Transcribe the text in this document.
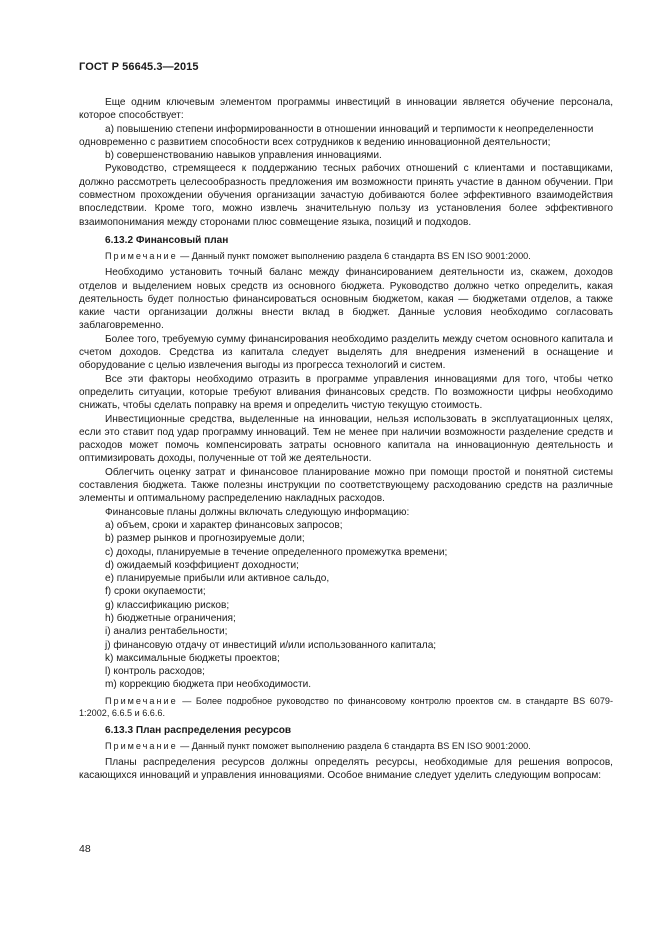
ГОСТ Р 56645.3—2015

Еще одним ключевым элементом программы инвестиций в инновации является обучение персонала, которое способствует:

a) повышению степени информированности в отношении инноваций и терпимости к неопределенности одновременно с развитием способности всех сотрудников к ведению инновационной деятельности;

b) совершенствованию навыков управления инновациями.

Руководство, стремящееся к поддержанию тесных рабочих отношений с клиентами и поставщиками, должно рассмотреть целесообразность предложения им возможности принять участие в данном обучении. При совместном прохождении обучения организации зачастую добиваются более эффективного взаимодействия впоследствии. Кроме того, можно извлечь значительную пользу из установления более эффективного взаимопонимания между сторонами плюс совмещение языка, позиций и подходов.

6.13.2 Финансовый план

Примечание — Данный пункт поможет выполнению раздела 6 стандарта BS EN ISO 9001:2000.

Необходимо установить точный баланс между финансированием деятельности из, скажем, доходов отделов и выделением новых средств из основного бюджета. Руководство должно четко определить, какая деятельность будет полностью финансироваться основным бюджетом, какая — бюджетами отделов, а также какие части организации должны внести вклад в бюджет. Данные условия необходимо согласовать заблаговременно.

Более того, требуемую сумму финансирования необходимо разделить между счетом основного капитала и счетом доходов. Средства из капитала следует выделять для внедрения изменений в оснащение и оборудование с целью извлечения выгоды из прогресса технологий и систем.

Все эти факторы необходимо отразить в программе управления инновациями для того, чтобы четко определить ситуации, которые требуют вливания финансовых средств. По возможности цифры необходимо снижать, чтобы сделать поправку на время и определить чистую текущую стоимость.

Инвестиционные средства, выделенные на инновации, нельзя использовать в эксплуатационных целях, если это ставит под удар программу инноваций. Тем не менее при наличии возможности разделение средств и расходов может помочь компенсировать затраты основного капитала на инновационную деятельность и оптимизировать доходы, полученные от той же деятельности.

Облегчить оценку затрат и финансовое планирование можно при помощи простой и понятной системы составления бюджета. Также полезны инструкции по соответствующему расходованию средств на различные элементы и оптимальному распределению накладных расходов.

Финансовые планы должны включать следующую информацию:

a) объем, сроки и характер финансовых запросов;

b) размер рынков и прогнозируемые доли;

c) доходы, планируемые в течение определенного промежутка времени;

d) ожидаемый коэффициент доходности;

e) планируемые прибыли или активное сальдо,

f) сроки окупаемости;

g) классификацию рисков;

h) бюджетные ограничения;

i) анализ рентабельности;

j) финансовую отдачу от инвестиций и/или использованного капитала;

k) максимальные бюджеты проектов;

l) контроль расходов;

m) коррекцию бюджета при необходимости.

Примечание — Более подробное руководство по финансовому контролю проектов см. в стандарте BS 6079-1:2002, 6.6.5 и 6.6.6.

6.13.3 План распределения ресурсов

Примечание — Данный пункт поможет выполнению раздела 6 стандарта BS EN ISO 9001:2000.

Планы распределения ресурсов должны определять ресурсы, необходимые для решения вопросов, касающихся инноваций и управления инновациями. Особое внимание следует уделить следующим вопросам:

48
